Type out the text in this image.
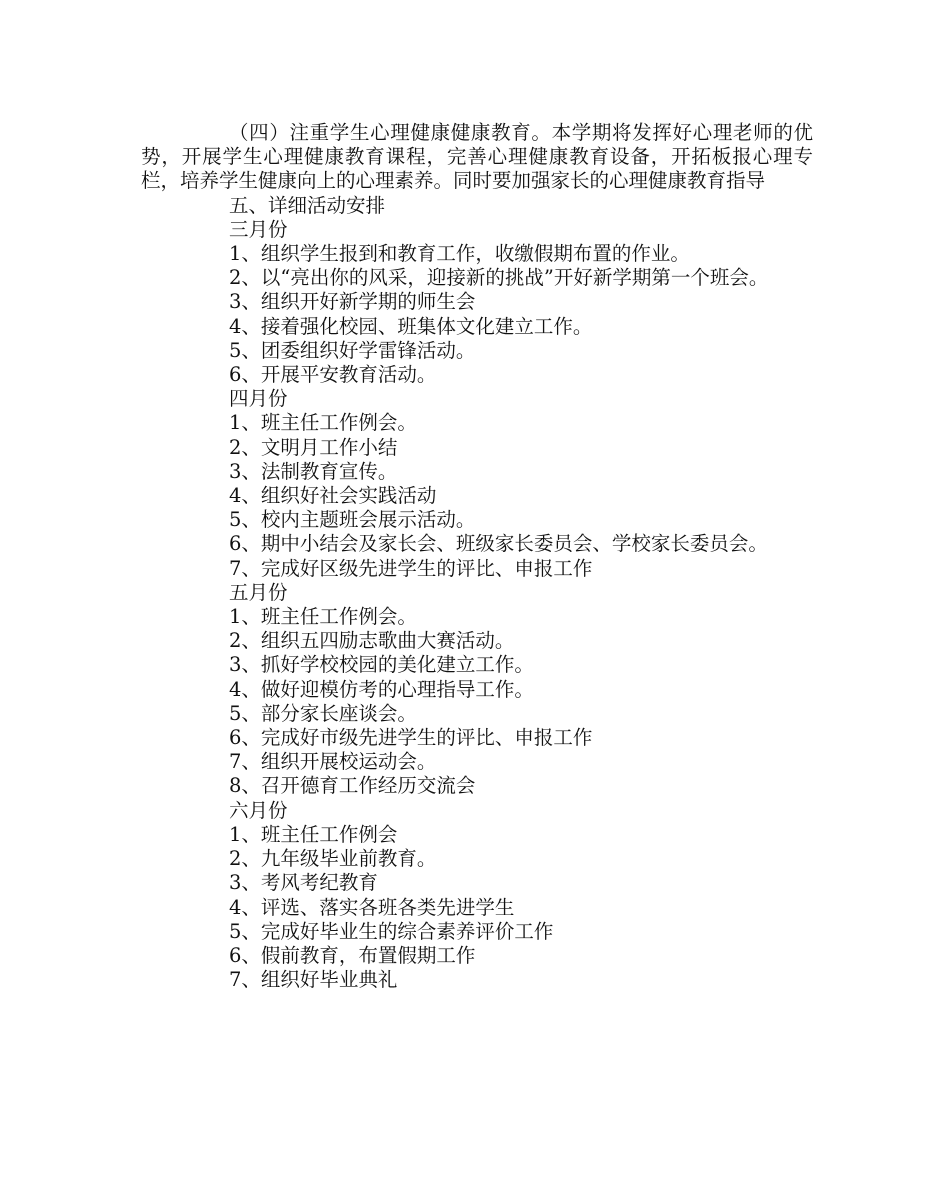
（四）注重学生心理健康健康教育。本学期将发挥好心理老师的优势，开展学生心理健康教育课程，完善心理健康教育设备，开拓板报心理专栏，培养学生健康向上的心理素养。同时要加强家长的心理健康教育指导

五、详细活动安排

三月份

1、组织学生报到和教育工作，收缴假期布置的作业。

2、以“亮出你的风采，迎接新的挑战”开好新学期第一个班会。

3、组织开好新学期的师生会

4、接着强化校园、班集体文化建立工作。

5、团委组织好学雷锋活动。

6、开展平安教育活动。

四月份

1、班主任工作例会。

2、文明月工作小结

3、法制教育宣传。

4、组织好社会实践活动

5、校内主题班会展示活动。

6、期中小结会及家长会、班级家长委员会、学校家长委员会。

7、完成好区级先进学生的评比、申报工作

五月份

1、班主任工作例会。

2、组织五四励志歌曲大赛活动。

3、抓好学校校园的美化建立工作。

4、做好迎模仿考的心理指导工作。

5、部分家长座谈会。

6、完成好市级先进学生的评比、申报工作

7、组织开展校运动会。

8、召开德育工作经历交流会

六月份

1、班主任工作例会

2、九年级毕业前教育。

3、考风考纪教育

4、评选、落实各班各类先进学生

5、完成好毕业生的综合素养评价工作

6、假前教育，布置假期工作

7、组织好毕业典礼
